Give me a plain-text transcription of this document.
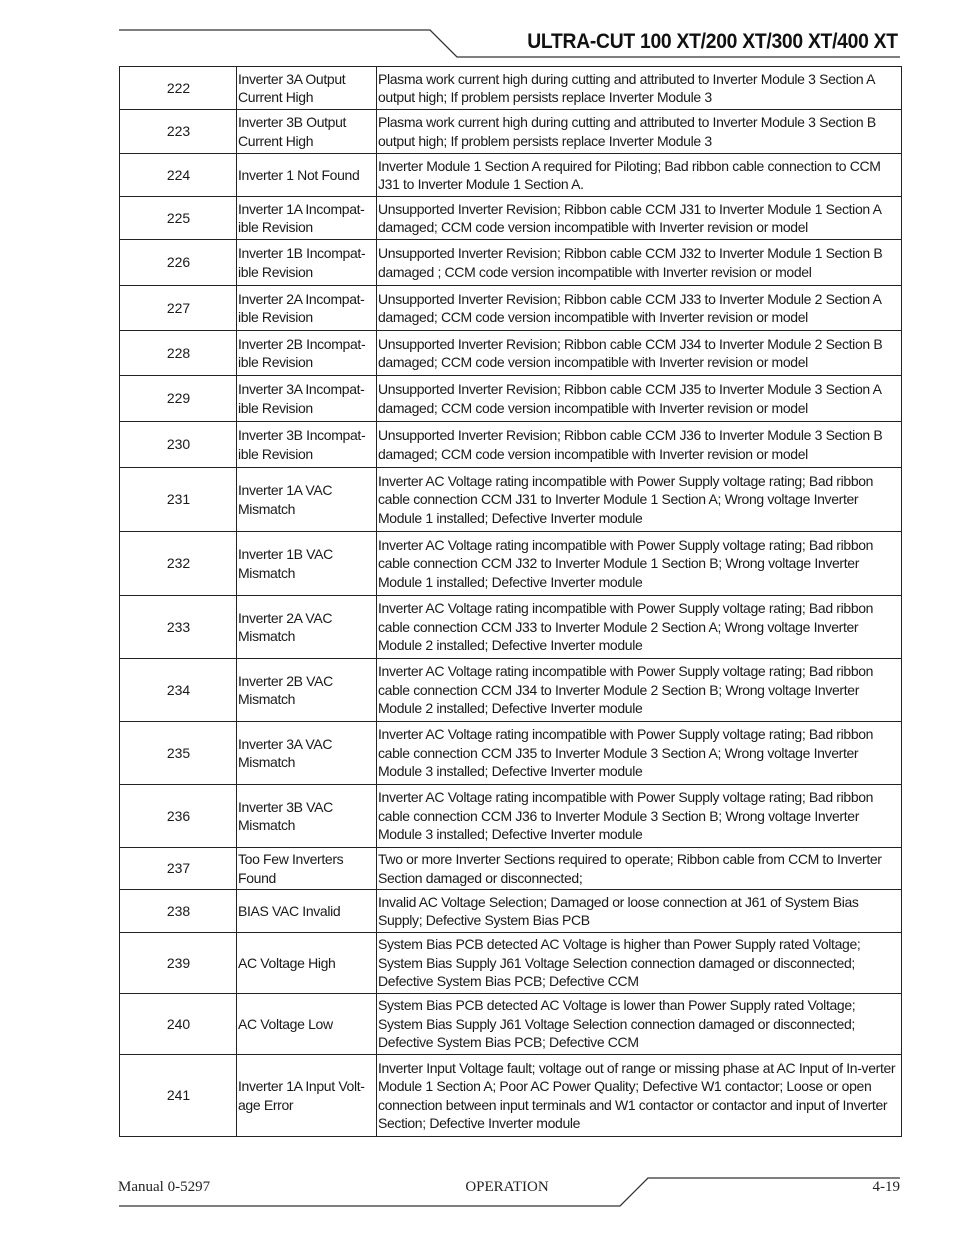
ULTRA-CUT 100 XT/200 XT/300 XT/400 XT
222	Inverter 3A Output Current High	Plasma work current high during cutting and attributed to Inverter Module 3 Section A output high; If problem persists replace Inverter Module 3
223	Inverter 3B Output Current High	Plasma work current high during cutting and attributed to Inverter Module 3 Section B output high; If problem persists replace Inverter Module 3
224	Inverter 1 Not Found	Inverter Module 1 Section A required for Piloting; Bad ribbon cable connection to CCM J31 to Inverter Module 1 Section A.
225	Inverter 1A Incompat-ible Revision	Unsupported Inverter Revision; Ribbon cable CCM J31 to Inverter Module 1 Section A damaged; CCM code version incompatible with Inverter revision or model
226	Inverter 1B Incompat-ible Revision	Unsupported Inverter Revision; Ribbon cable CCM J32 to Inverter Module 1 Section B damaged ; CCM code version incompatible with Inverter revision or model
227	Inverter 2A Incompat-ible Revision	Unsupported Inverter Revision; Ribbon cable CCM J33 to Inverter Module 2 Section A damaged; CCM code version incompatible with Inverter revision or model
228	Inverter 2B Incompat-ible Revision	Unsupported Inverter Revision; Ribbon cable CCM J34 to Inverter Module 2 Section B damaged; CCM code version incompatible with Inverter revision or model
229	Inverter 3A Incompat-ible Revision	Unsupported Inverter Revision; Ribbon cable CCM J35 to Inverter Module 3 Section A damaged; CCM code version incompatible with Inverter revision or model
230	Inverter 3B Incompat-ible Revision	Unsupported Inverter Revision; Ribbon cable CCM J36 to Inverter Module 3 Section B damaged; CCM code version incompatible with Inverter revision or model
231	Inverter 1A VAC Mismatch	Inverter AC Voltage rating incompatible with Power Supply voltage rating; Bad ribbon cable connection CCM J31 to Inverter Module 1 Section A; Wrong voltage Inverter Module 1 installed; Defective Inverter module
232	Inverter 1B VAC Mismatch	Inverter AC Voltage rating incompatible with Power Supply voltage rating; Bad ribbon cable connection CCM J32 to Inverter Module 1 Section B; Wrong voltage Inverter Module 1 installed; Defective Inverter module
233	Inverter 2A VAC Mismatch	Inverter AC Voltage rating incompatible with Power Supply voltage rating; Bad ribbon cable connection CCM J33 to Inverter Module 2 Section A; Wrong voltage Inverter Module 2 installed; Defective Inverter module
234	Inverter 2B VAC Mismatch	Inverter AC Voltage rating incompatible with Power Supply voltage rating; Bad ribbon cable connection CCM J34 to Inverter Module 2 Section B; Wrong voltage Inverter Module 2 installed; Defective Inverter module
235	Inverter 3A VAC Mismatch	Inverter AC Voltage rating incompatible with Power Supply voltage rating; Bad ribbon cable connection CCM J35 to Inverter Module 3 Section A; Wrong voltage Inverter Module 3 installed; Defective Inverter module
236	Inverter 3B VAC Mismatch	Inverter AC Voltage rating incompatible with Power Supply voltage rating; Bad ribbon cable connection CCM J36 to Inverter Module 3 Section B; Wrong voltage Inverter Module 3 installed; Defective Inverter module
237	Too Few Inverters Found	Two or more Inverter Sections required to operate; Ribbon cable from CCM to Inverter Section damaged or disconnected;
238	BIAS VAC Invalid	Invalid AC Voltage Selection; Damaged or loose connection at J61 of System Bias Supply; Defective System Bias PCB
239	AC Voltage High	System Bias PCB detected AC Voltage is higher than Power Supply rated Voltage; System Bias Supply J61 Voltage Selection connection damaged or disconnected; Defective System Bias PCB; Defective CCM
240	AC Voltage Low	System Bias PCB detected AC Voltage is lower than Power Supply rated Voltage; System Bias Supply J61 Voltage Selection connection damaged or disconnected; Defective System Bias PCB; Defective CCM
241	Inverter 1A Input Volt-age Error	Inverter Input Voltage fault; voltage out of range or missing phase at AC Input of In-verter Module 1 Section A; Poor AC Power Quality; Defective W1 contactor; Loose or open connection between input terminals and W1 contactor or contactor and input of Inverter Section; Defective Inverter module
Manual 0-5297	OPERATION	4-19
